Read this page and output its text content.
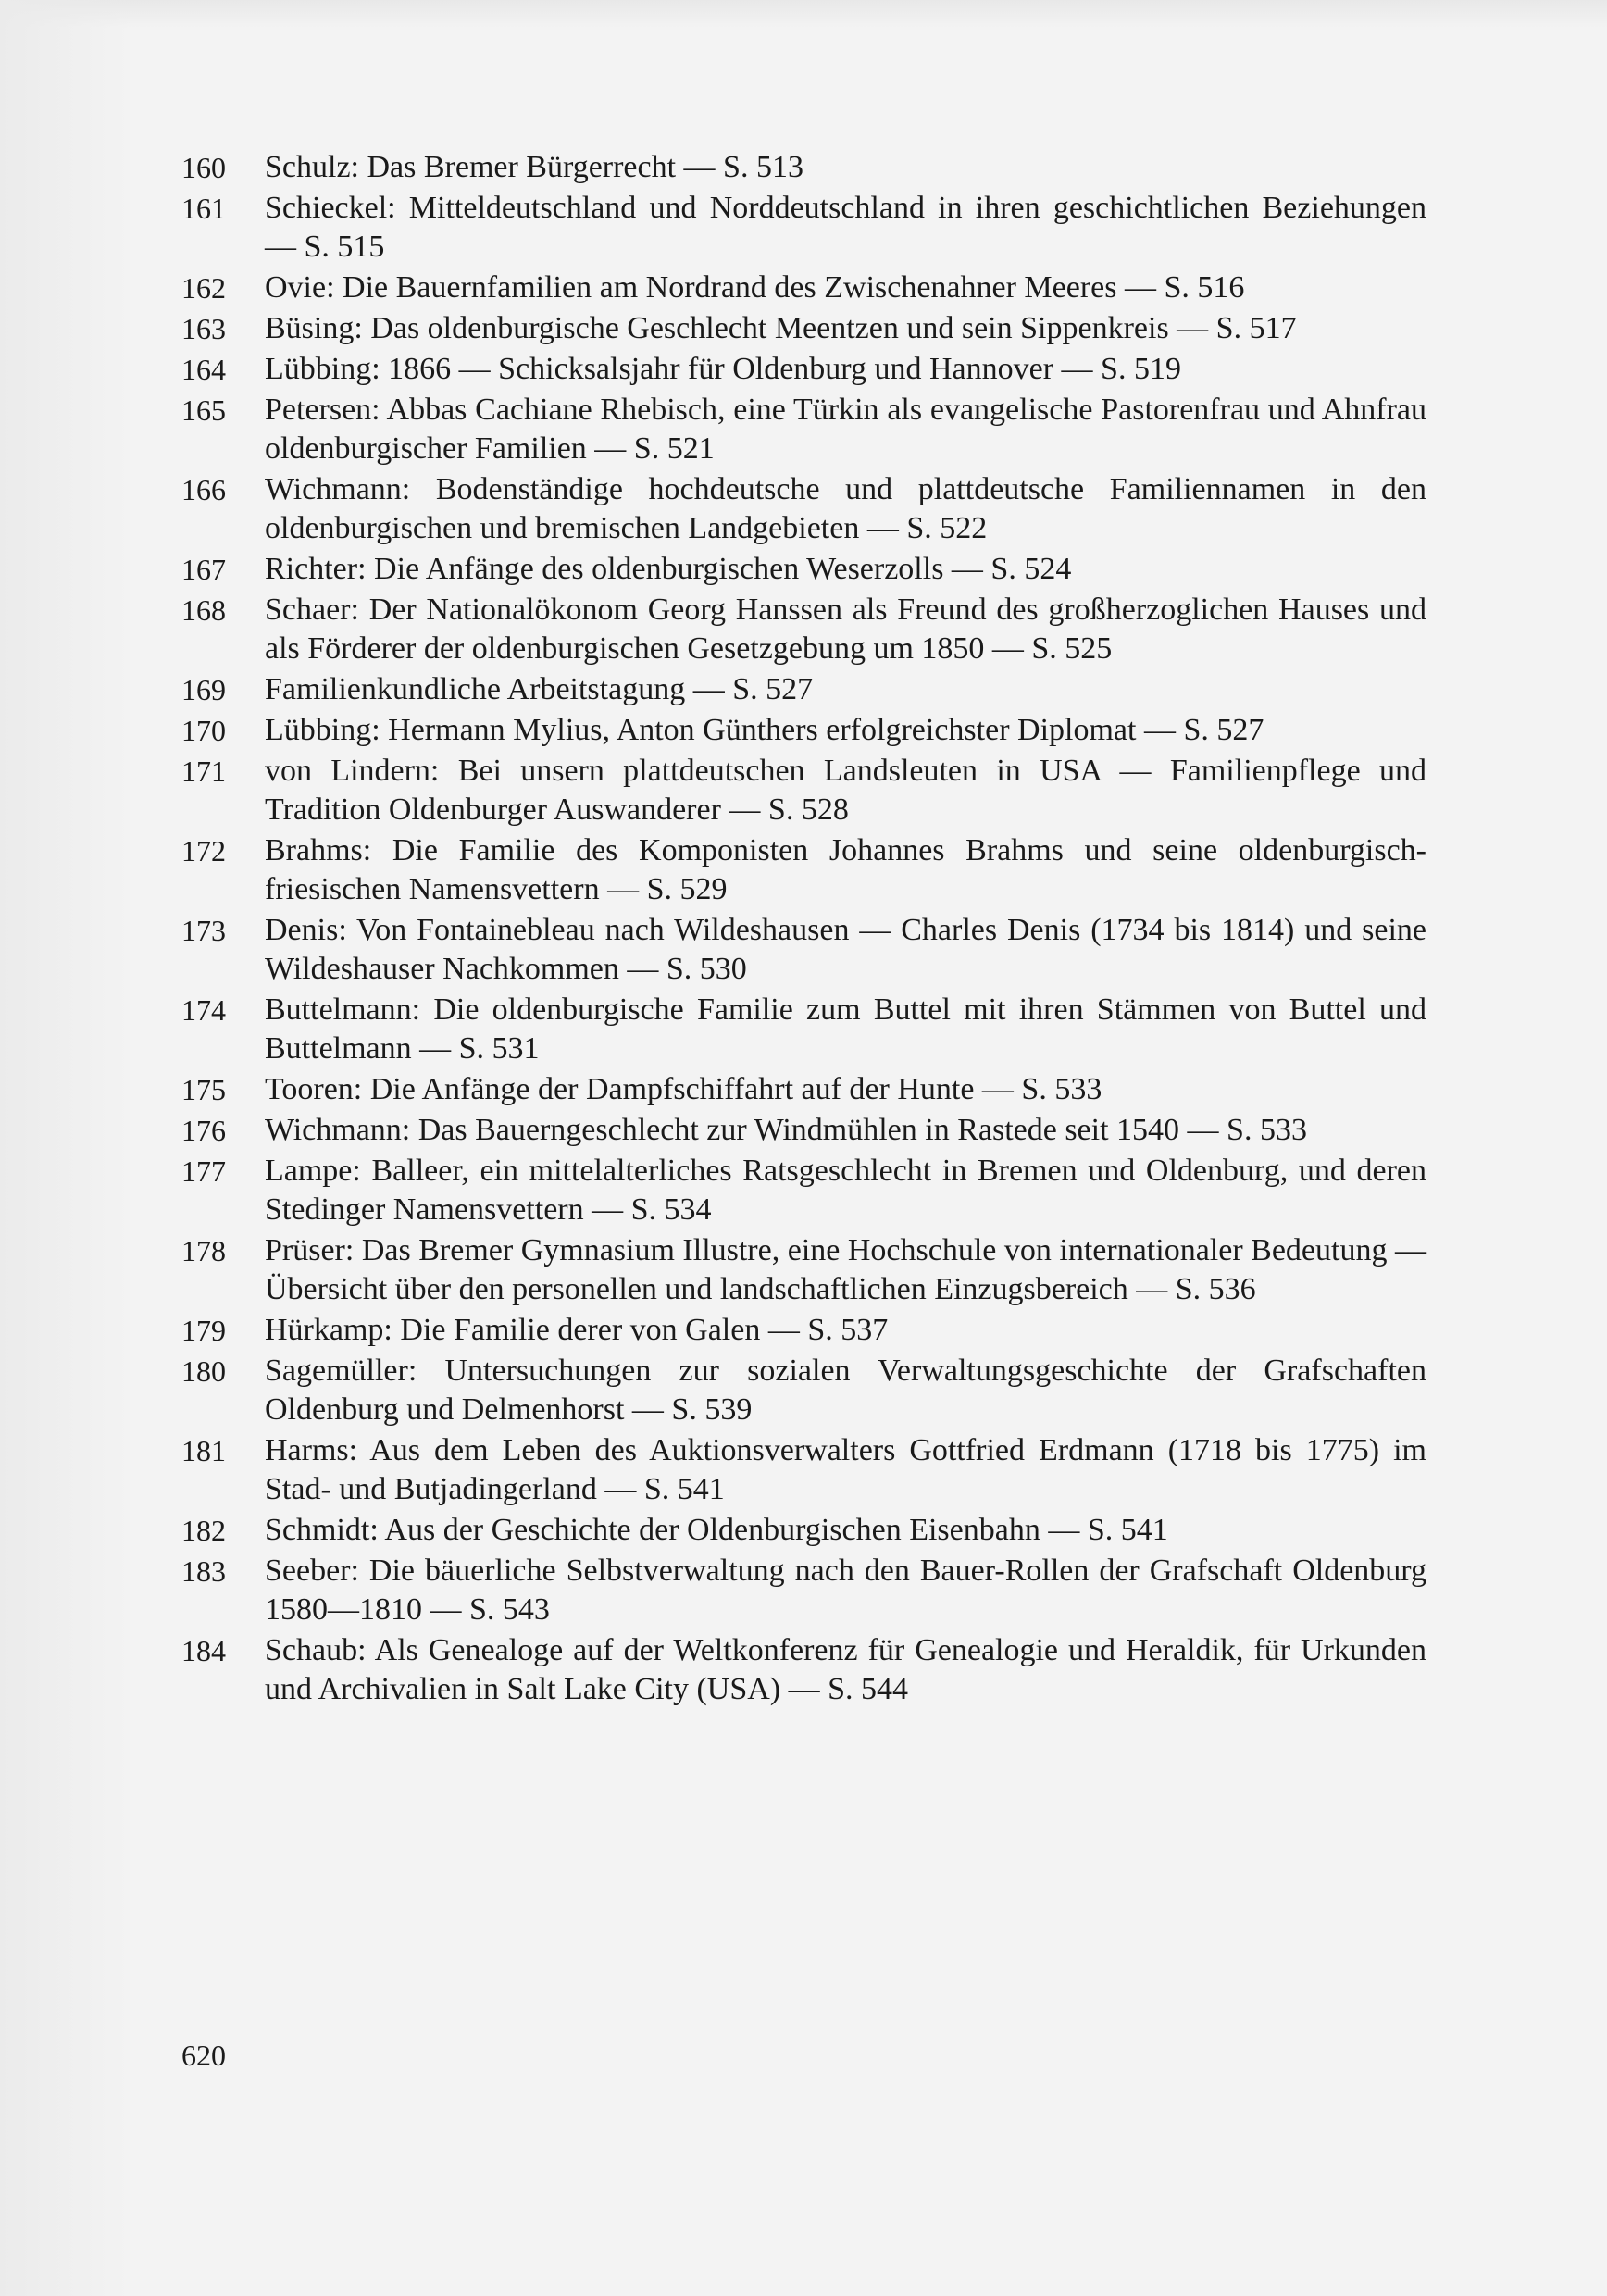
160	Schulz: Das Bremer Bürgerrecht — S. 513
161	Schieckel: Mitteldeutschland und Norddeutschland in ihren geschichtlichen Beziehungen — S. 515
162	Ovie: Die Bauernfamilien am Nordrand des Zwischenahner Meeres — S. 516
163	Büsing: Das oldenburgische Geschlecht Meentzen und sein Sippenkreis — S. 517
164	Lübbing: 1866 — Schicksalsjahr für Oldenburg und Hannover — S. 519
165	Petersen: Abbas Cachiane Rhebisch, eine Türkin als evangelische Pastorenfrau und Ahnfrau oldenburgischer Familien — S. 521
166	Wichmann: Bodenständige hochdeutsche und plattdeutsche Familiennamen in den oldenburgischen und bremischen Landgebieten — S. 522
167	Richter: Die Anfänge des oldenburgischen Weserzolls — S. 524
168	Schaer: Der Nationalökonom Georg Hanssen als Freund des großherzoglichen Hauses und als Förderer der oldenburgischen Gesetzgebung um 1850 — S. 525
169	Familienkundliche Arbeitstagung — S. 527
170	Lübbing: Hermann Mylius, Anton Günthers erfolgreichster Diplomat — S. 527
171	von Lindern: Bei unsern plattdeutschen Landsleuten in USA — Familienpflege und Tradition Oldenburger Auswanderer — S. 528
172	Brahms: Die Familie des Komponisten Johannes Brahms und seine oldenburgisch-friesischen Namensvettern — S. 529
173	Denis: Von Fontainebleau nach Wildeshausen — Charles Denis (1734 bis 1814) und seine Wildeshauser Nachkommen — S. 530
174	Buttelmann: Die oldenburgische Familie zum Buttel mit ihren Stämmen von Buttel und Buttelmann — S. 531
175	Tooren: Die Anfänge der Dampfschiffahrt auf der Hunte — S. 533
176	Wichmann: Das Bauerngeschlecht zur Windmühlen in Rastede seit 1540 — S. 533
177	Lampe: Balleer, ein mittelalterliches Ratsgeschlecht in Bremen und Oldenburg, und deren Stedinger Namensvettern — S. 534
178	Prüser: Das Bremer Gymnasium Illustre, eine Hochschule von internationaler Bedeutung — Übersicht über den personellen und landschaftlichen Einzugsbereich — S. 536
179	Hürkamp: Die Familie derer von Galen — S. 537
180	Sagemüller: Untersuchungen zur sozialen Verwaltungsgeschichte der Grafschaften Oldenburg und Delmenhorst — S. 539
181	Harms: Aus dem Leben des Auktionsverwalters Gottfried Erdmann (1718 bis 1775) im Stad- und Butjadingerland — S. 541
182	Schmidt: Aus der Geschichte der Oldenburgischen Eisenbahn — S. 541
183	Seeber: Die bäuerliche Selbstverwaltung nach den Bauer-Rollen der Grafschaft Oldenburg 1580—1810 — S. 543
184	Schaub: Als Genealoge auf der Weltkonferenz für Genealogie und Heraldik, für Urkunden und Archivalien in Salt Lake City (USA) — S. 544
620
